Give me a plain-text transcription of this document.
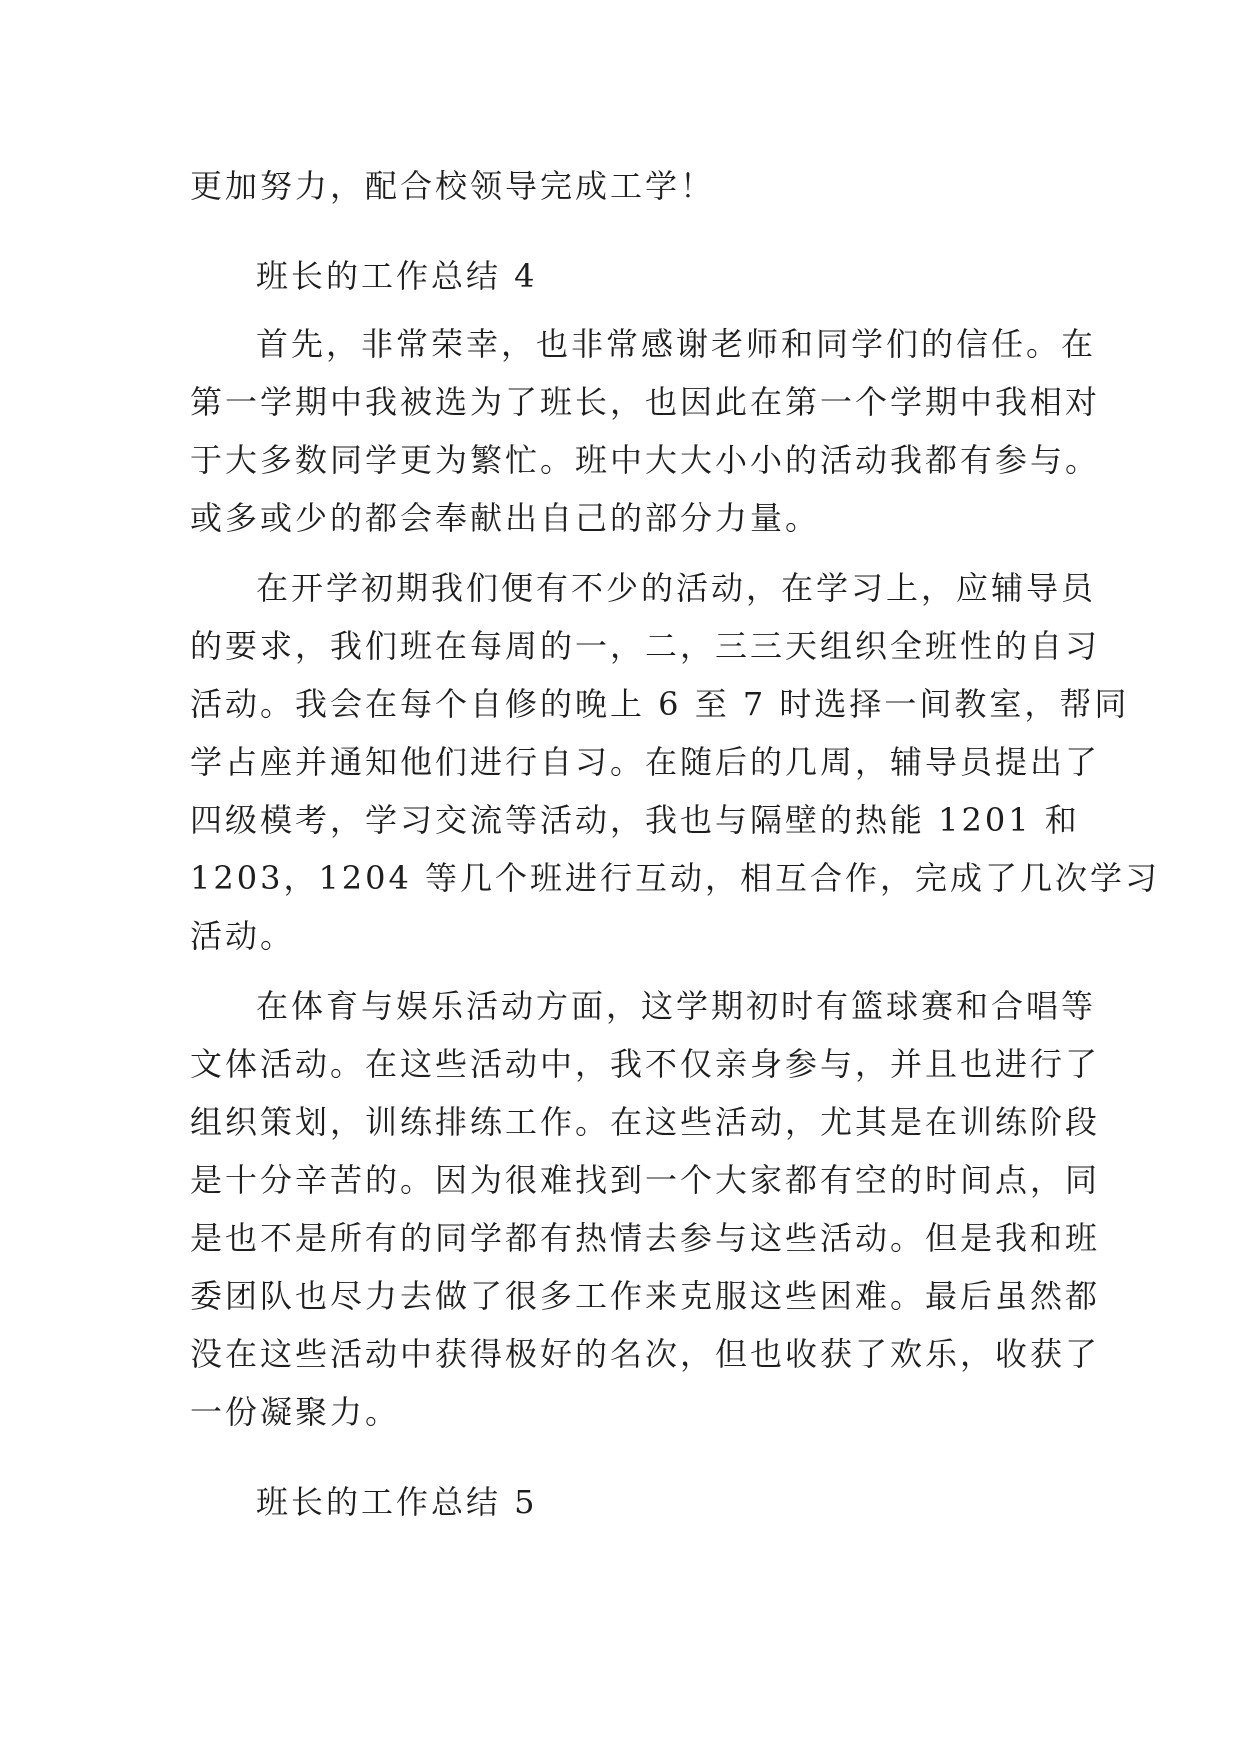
更加努力，配合校领导完成工学！
班长的工作总结 4
首先，非常荣幸，也非常感谢老师和同学们的信任。在
第一学期中我被选为了班长，也因此在第一个学期中我相对
于大多数同学更为繁忙。班中大大小小的活动我都有参与。
或多或少的都会奉献出自己的部分力量。
在开学初期我们便有不少的活动，在学习上，应辅导员
的要求，我们班在每周的一，二，三三天组织全班性的自习
活动。我会在每个自修的晚上 6 至 7 时选择一间教室，帮同
学占座并通知他们进行自习。在随后的几周，辅导员提出了
四级模考，学习交流等活动，我也与隔壁的热能 1201 和
1203，1204 等几个班进行互动，相互合作，完成了几次学习
活动。
在体育与娱乐活动方面，这学期初时有篮球赛和合唱等
文体活动。在这些活动中，我不仅亲身参与，并且也进行了
组织策划，训练排练工作。在这些活动，尤其是在训练阶段
是十分辛苦的。因为很难找到一个大家都有空的时间点，同
是也不是所有的同学都有热情去参与这些活动。但是我和班
委团队也尽力去做了很多工作来克服这些困难。最后虽然都
没在这些活动中获得极好的名次，但也收获了欢乐，收获了
一份凝聚力。
班长的工作总结 5
